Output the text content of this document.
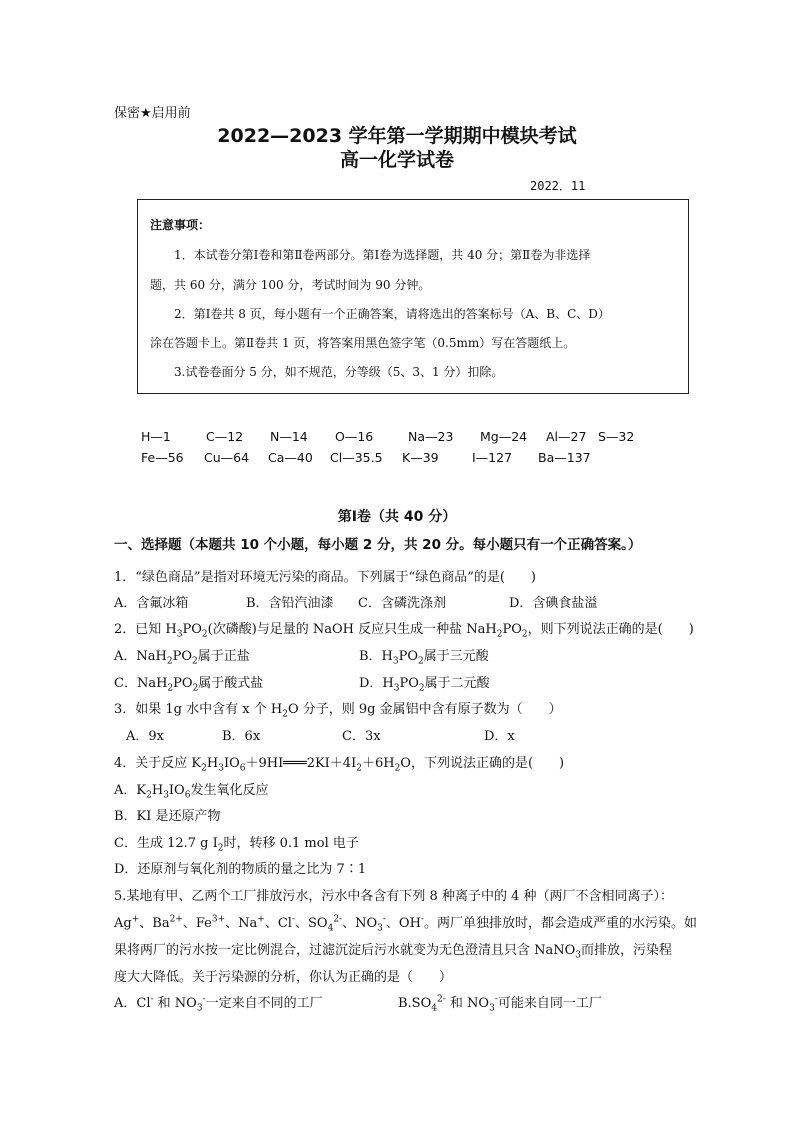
保密★启用前
2022—2023 学年第一学期期中模块考试
高一化学试卷
2022．11
注意事项：
1．本试卷分第Ⅰ卷和第Ⅱ卷两部分。第Ⅰ卷为选择题，共 40 分；第Ⅱ卷为非选择
题，共 60 分，满分 100 分，考试时间为 90 分钟。
2．第Ⅰ卷共 8 页，每小题有一个正确答案，请将选出的答案标号（A、B、C、D）
涂在答题卡上。第Ⅱ卷共 1 页，将答案用黑色签字笔（0.5mm）写在答题纸上。
3.试卷卷面分 5 分，如不规范，分等级（5、3、1 分）扣除。
H—1	C—12 N—14 O—16	Na—23 Mg—24 Al—27 S—32
Fe—56 Cu—64 Ca—40 Cl—35.5 K—39	I—127 Ba—137
第Ⅰ卷（共 40 分）
一、选择题（本题共 10 个小题，每小题 2 分，共 20 分。每小题只有一个正确答案。）
1．“绿色商品”是指对环境无污染的商品。下列属于“绿色商品”的是(　　)
A．含氟冰箱	B．含铅汽油漆 C．含磷洗涤剂	D．含碘食盐溢
2．已知 $H_3PO_2$(次磷酸)与足量的 NaOH 反应只生成一种盐 $NaH_2PO_2$，则下列说法正确的是(　　)
A．$NaH_2PO_2$属于正盐	B．$H_3PO_2$属于三元酸
C．$NaH_2PO_2$属于酸式盐	D．$H_3PO_2$属于二元酸
3．如果 1g 水中含有 x 个 $H_2O$ 分子，则 9g 金属铝中含有原子数为（　　）
A．9x	B．6x	C．3x	D．x
4．关于反应 $K_2H_3IO_6+9HI═══2KI+4I_2+6H_2O$，下列说法正确的是(　　)
A．$K_2H_3IO_6$发生氧化反应
B．KI 是还原产物
C．生成 12.7 g $I_2$时，转移 0.1 mol 电子
D．还原剂与氧化剂的物质的量之比为 7∶1
5.某地有甲、乙两个工厂排放污水，污水中各含有下列 8 种离子中的 4 种（两厂不含相同离子）：
Ag+、$Ba^{2+}$、$Fe^{3+}$、Na+、Cl-、$SO_4^{2-}$、$NO_3^-$、OH-。两厂单独排放时，都会造成严重的水污染。如
果将两厂的污水按一定比例混合，过滤沉淀后污水就变为无色澄清且只含 NaNO$_3$而排放，污染程
度大大降低。关于污染源的分析，你认为正确的是（　　）
A．Cl- 和 $NO_3^-$一定来自不同的工厂	$B.SO_4^{2-}$ 和 $NO_3^-$可能来自同一工厂
